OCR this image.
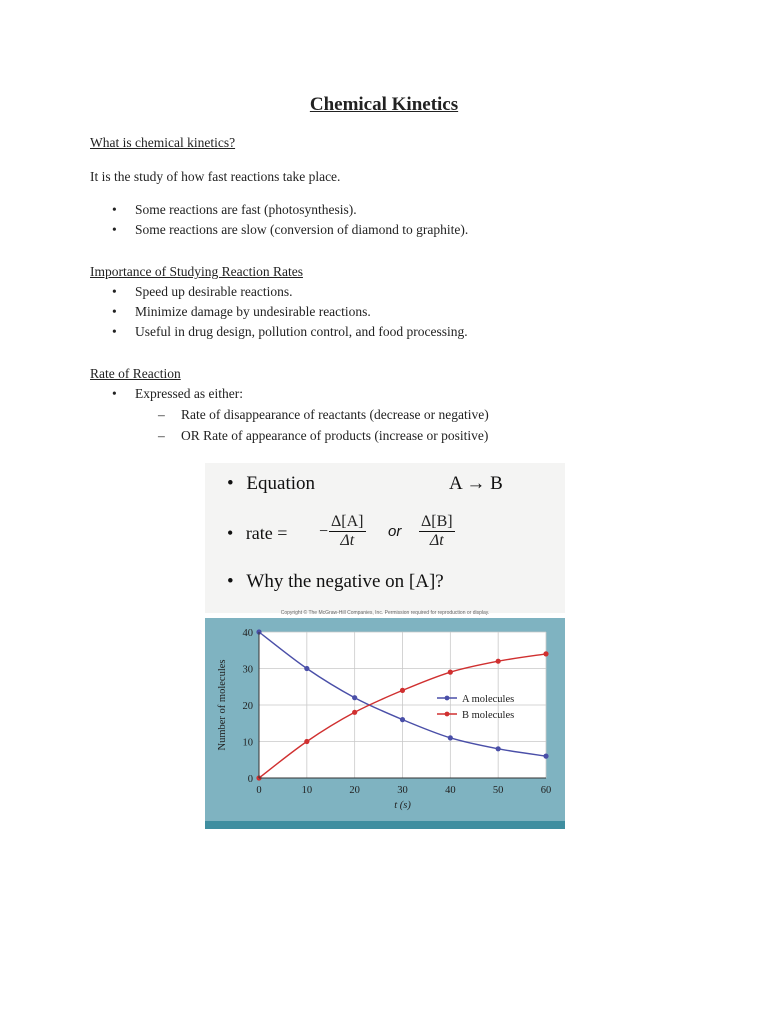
Chemical Kinetics
What is chemical kinetics?
It is the study of how fast reactions take place.
• Some reactions are fast (photosynthesis).
• Some reactions are slow (conversion of diamond to graphite).
Importance of Studying Reaction Rates
• Speed up desirable reactions.
• Minimize damage by undesirable reactions.
• Useful in drug design, pollution control, and food processing.
Rate of Reaction
• Expressed as either:
– Rate of disappearance of reactants (decrease or negative)
– OR Rate of appearance of products (increase or positive)
• Equation	A → B
• rate = − $\frac{\Delta[A]}{\Delta t}$ or $\frac{\Delta[B]}{\Delta t}$
• Why the negative on [A]?
Copyright © The McGraw-Hill Companies, Inc. Permission required for reproduction or display.
0	10	20	30	40	50	60
0
10
20
30
40
Number of molecules
t (s)
A molecules
B molecules
